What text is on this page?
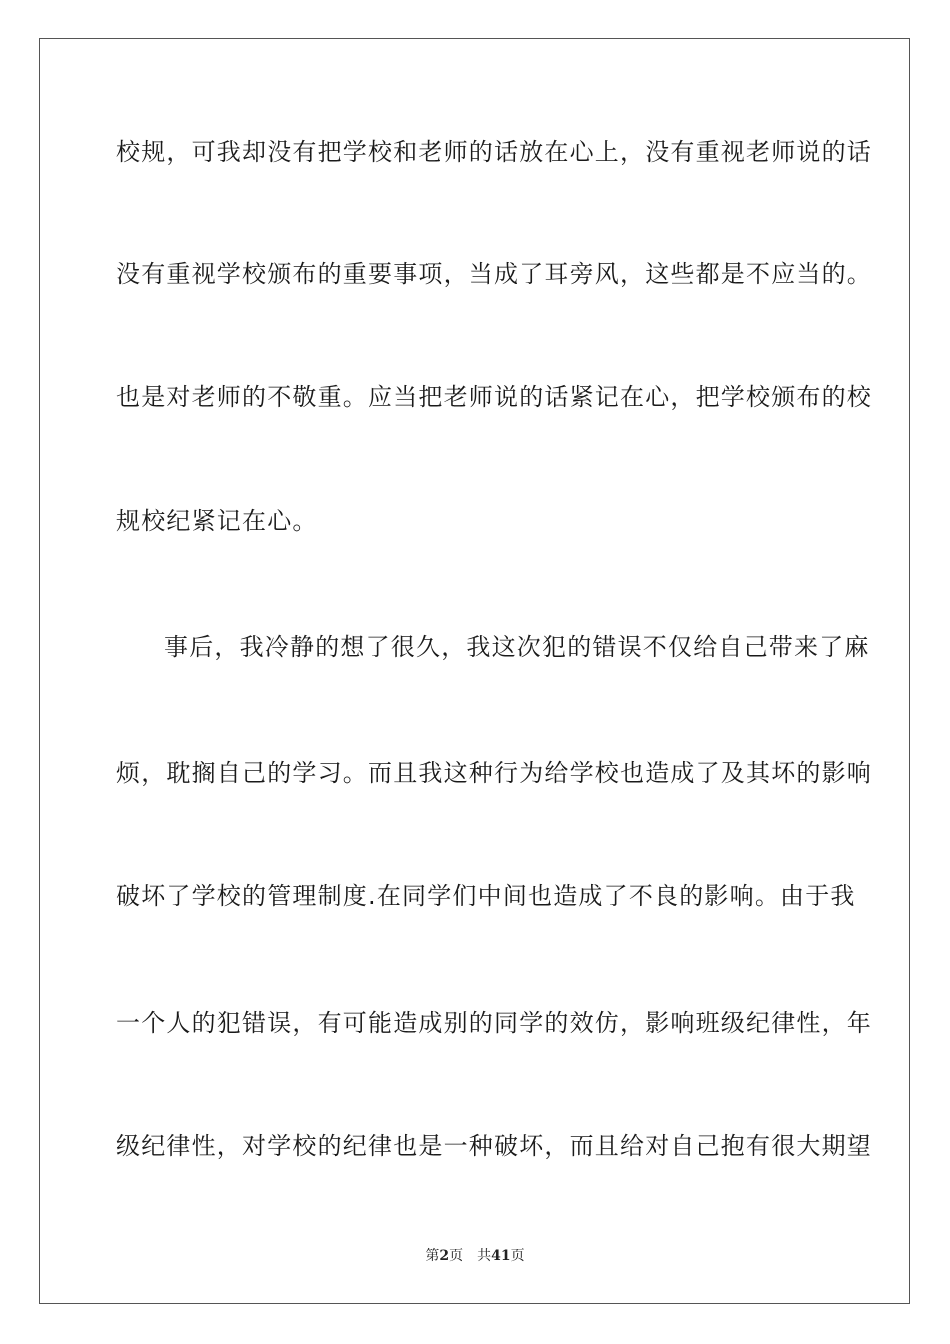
校规，可我却没有把学校和老师的话放在心上，没有重视老师说的话
没有重视学校颁布的重要事项，当成了耳旁风，这些都是不应当的。
也是对老师的不敬重。应当把老师说的话紧记在心，把学校颁布的校
规校纪紧记在心。
事后，我冷静的想了很久，我这次犯的错误不仅给自己带来了麻
烦，耽搁自己的学习。而且我这种行为给学校也造成了及其坏的影响
破坏了学校的管理制度.在同学们中间也造成了不良的影响。由于我
一个人的犯错误，有可能造成别的同学的效仿，影响班级纪律性，年
级纪律性，对学校的纪律也是一种破坏，而且给对自己抱有很大期望
第2页 共41页
